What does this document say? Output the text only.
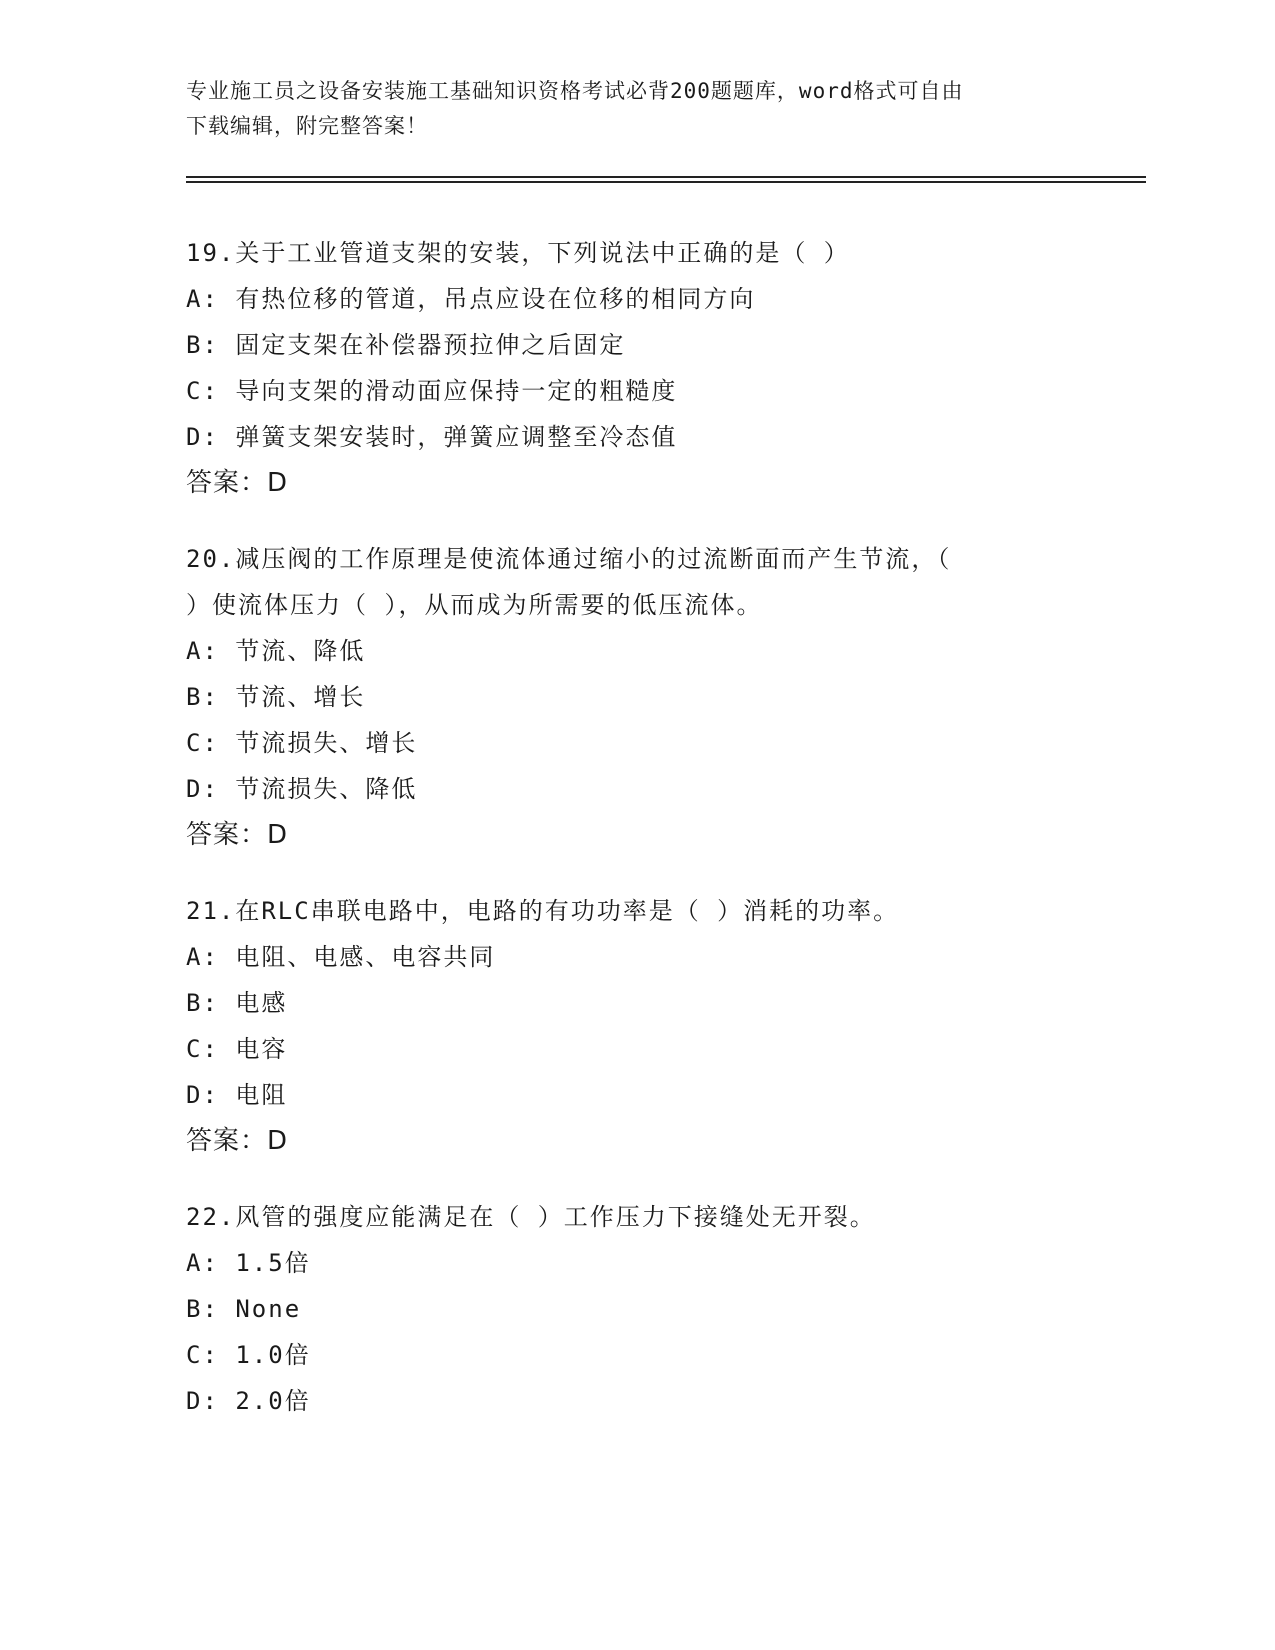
专业施工员之设备安装施工基础知识资格考试必背200题题库，word格式可自由
下载编辑，附完整答案！
19.关于工业管道支架的安装，下列说法中正确的是（ ）
A: 有热位移的管道，吊点应设在位移的相同方向
B: 固定支架在补偿器预拉伸之后固定
C: 导向支架的滑动面应保持一定的粗糙度
D: 弹簧支架安装时，弹簧应调整至冷态值
答案：D
20.减压阀的工作原理是使流体通过缩小的过流断面而产生节流，（
）使流体压力（ ），从而成为所需要的低压流体。
A: 节流、降低
B: 节流、增长
C: 节流损失、增长
D: 节流损失、降低
答案：D
21.在RLC串联电路中，电路的有功功率是（ ）消耗的功率。
A: 电阻、电感、电容共同
B: 电感
C: 电容
D: 电阻
答案：D
22.风管的强度应能满足在（ ）工作压力下接缝处无开裂。
A: 1.5倍
B: None
C: 1.0倍
D: 2.0倍
